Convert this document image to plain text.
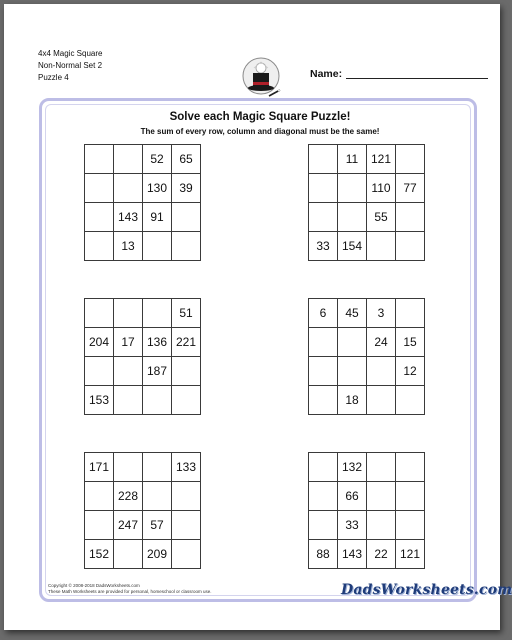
4x4 Magic Square
Non-Normal Set 2
Puzzle 4	Name:
Solve each Magic Square Puzzle!
The sum of every row, column and diagonal must be the same!
		52	65
		130	39
	143	91	
	13		
	11	121	
		110	77
		55	
33	154		
			51
204	17	136	221
		187	
153			
6	45	3	
		24	15
			12
	18		
171			133
	228		
	247	57	
152		209	
	132		
	66		
	33		
88	143	22	121
Copyright © 2008-2018 DadsWorksheets.com
These Math Worksheets are provided for personal, homeschool or classroom use.	DadsWorksheets.com
